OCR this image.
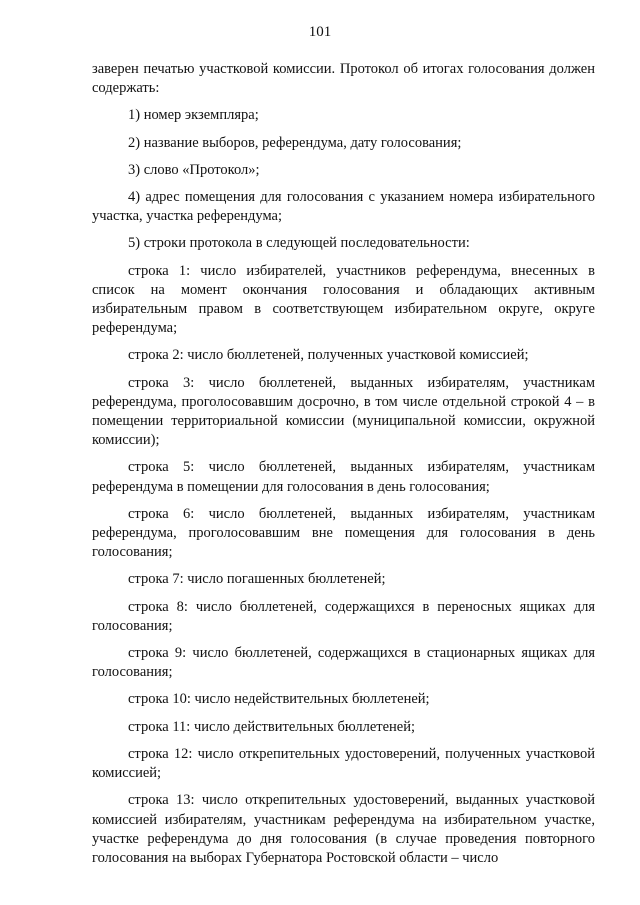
101

заверен печатью участковой комиссии. Протокол об итогах голосования должен содержать:

1) номер экземпляра;

2) название выборов, референдума, дату голосования;

3) слово «Протокол»;

4) адрес помещения для голосования с указанием номера избирательного участка, участка референдума;

5) строки протокола в следующей последовательности:

строка 1: число избирателей, участников референдума, внесенных в список на момент окончания голосования и обладающих активным избирательным правом в соответствующем избирательном округе, округе референдума;

строка 2: число бюллетеней, полученных участковой комиссией;

строка 3: число бюллетеней, выданных избирателям, участникам референдума, проголосовавшим досрочно, в том числе отдельной строкой 4 – в помещении территориальной комиссии (муниципальной комиссии, окружной комиссии);

строка 5: число бюллетеней, выданных избирателям, участникам референдума в помещении для голосования в день голосования;

строка 6: число бюллетеней, выданных избирателям, участникам референдума, проголосовавшим вне помещения для голосования в день голосования;

строка 7: число погашенных бюллетеней;

строка 8: число бюллетеней, содержащихся в переносных ящиках для голосования;

строка 9: число бюллетеней, содержащихся в стационарных ящиках для голосования;

строка 10: число недействительных бюллетеней;

строка 11: число действительных бюллетеней;

строка 12: число открепительных удостоверений, полученных участковой комиссией;

строка 13: число открепительных удостоверений, выданных участковой комиссией избирателям, участникам референдума на избирательном участке, участке референдума до дня голосования (в случае проведения повторного голосования на выборах Губернатора Ростовской области – число
